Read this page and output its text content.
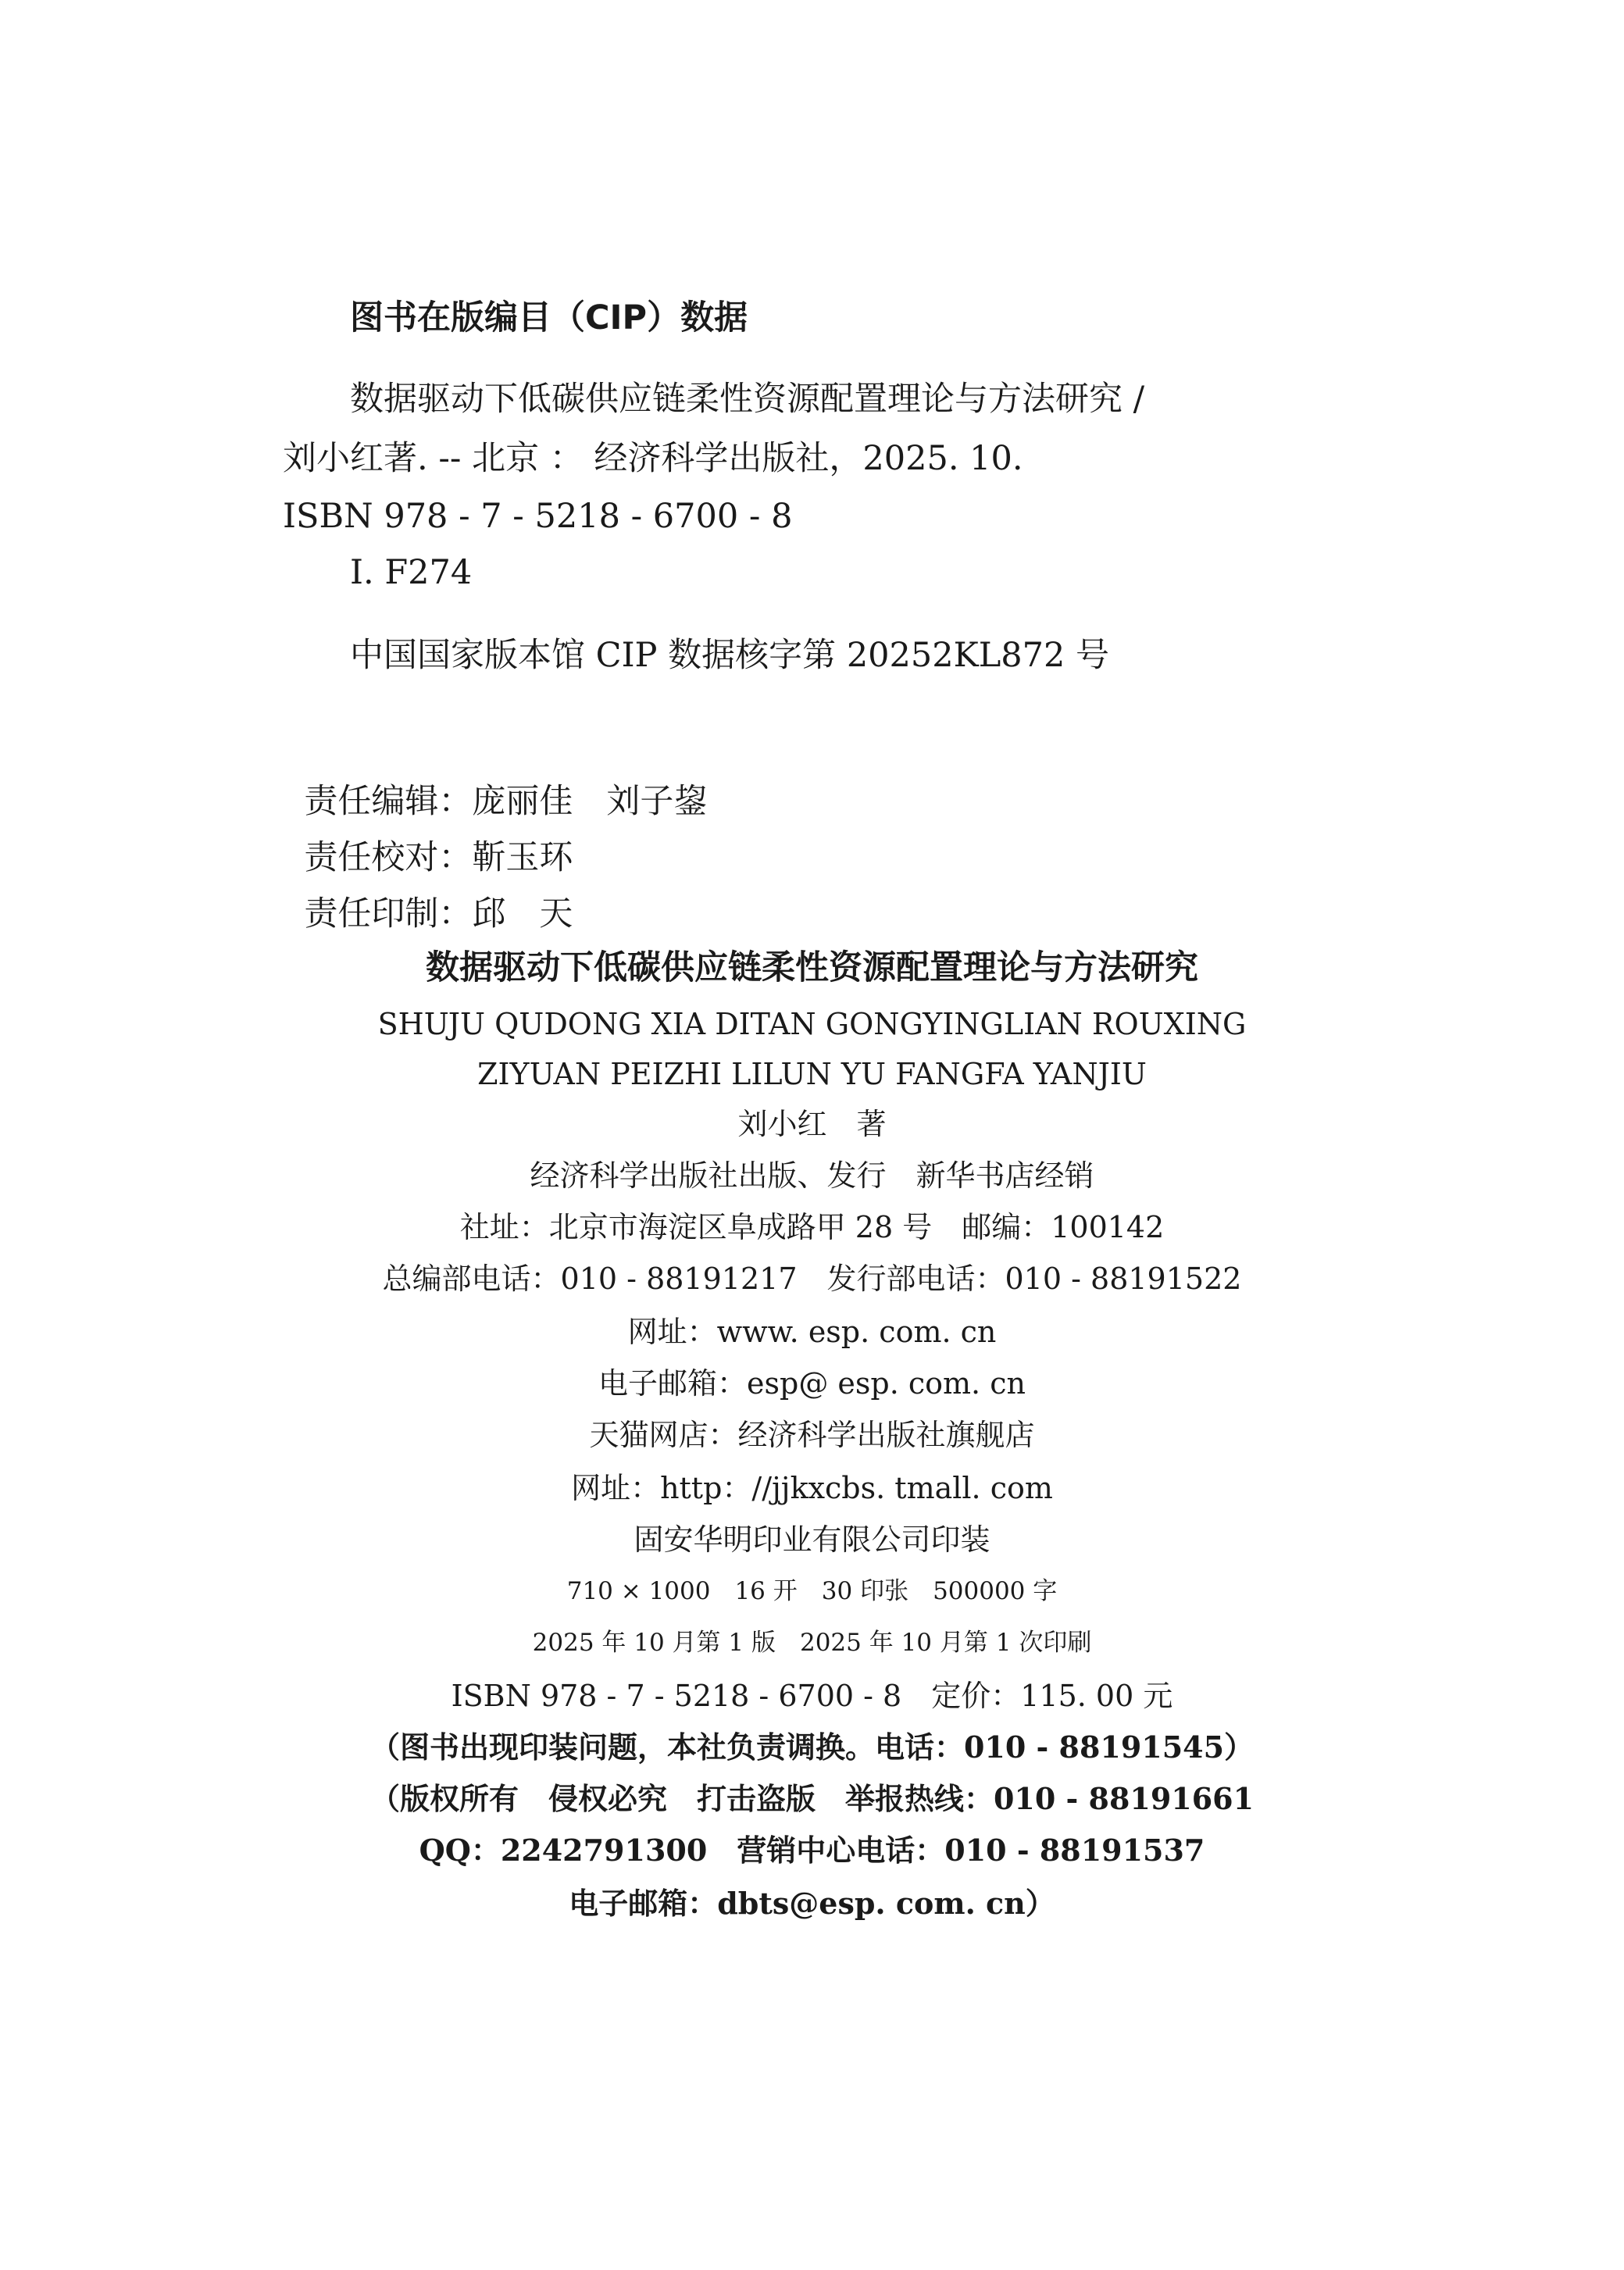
图书在版编目（CIP）数据
数据驱动下低碳供应链柔性资源配置理论与方法研究 /
刘小红著. -- 北京 ： 经济科学出版社，2025. 10.
ISBN 978 - 7 - 5218 - 6700 - 8
Ⅰ. F274
中国国家版本馆 CIP 数据核字第 20252KL872 号

责任编辑：庞丽佳　刘子鋆

责任校对：靳玉环

责任印制：邱　天

数据驱动下低碳供应链柔性资源配置理论与方法研究
SHUJU QUDONG XIA DITAN GONGYINGLIAN ROUXING
ZIYUAN PEIZHI LILUN YU FANGFA YANJIU
刘小红　著
经济科学出版社出版、发行　新华书店经销
社址：北京市海淀区阜成路甲 28 号　邮编：100142
总编部电话：010 - 88191217　发行部电话：010 - 88191522
网址：www. esp. com. cn
电子邮箱：esp@ esp. com. cn
天猫网店：经济科学出版社旗舰店
网址：http：//jjkxcbs. tmall. com
固安华明印业有限公司印装
710 × 1000　16 开　30 印张　500000 字
2025 年 10 月第 1 版　2025 年 10 月第 1 次印刷
ISBN 978 - 7 - 5218 - 6700 - 8　定价：115. 00 元
（图书出现印装问题，本社负责调换。电话：010 - 88191545）
（版权所有　侵权必究　打击盗版　举报热线：010 - 88191661
QQ：2242791300　营销中心电话：010 - 88191537
电子邮箱：dbts@esp. com. cn）
